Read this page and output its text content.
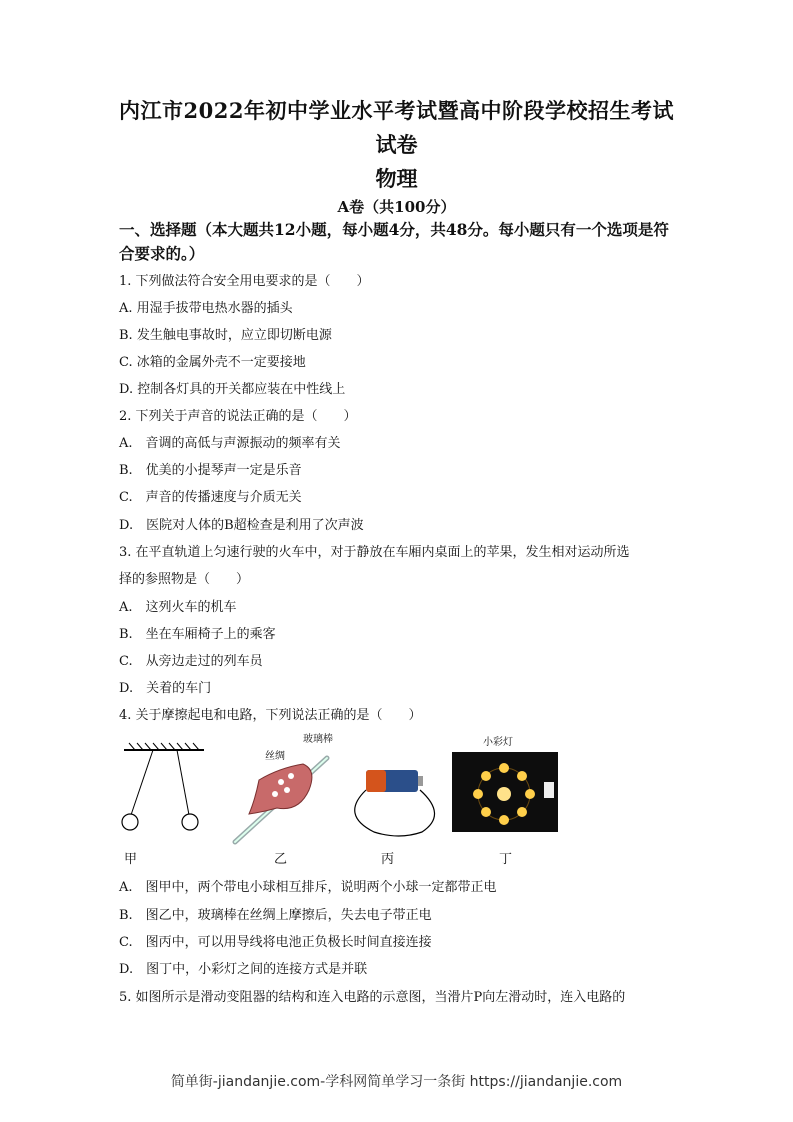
内江市2022年初中学业水平考试暨高中阶段学校招生考试
试卷
物理
A卷（共100分）
一、选择题（本大题共12小题，每小题4分，共48分。每小题只有一个选项是符合要求的。）
1. 下列做法符合安全用电要求的是（　　）
A. 用湿手拔带电热水器的插头
B. 发生触电事故时，应立即切断电源
C. 冰箱的金属外壳不一定要接地
D. 控制各灯具的开关都应装在中性线上
2. 下列关于声音的说法正确的是（　　）
A.　音调的高低与声源振动的频率有关
B.　优美的小提琴声一定是乐音
C.　声音的传播速度与介质无关
D.　医院对人体的B超检查是利用了次声波
3. 在平直轨道上匀速行驶的火车中，对于静放在车厢内桌面上的苹果，发生相对运动所选
择的参照物是（　　）
A.　这列火车的机车
B.　坐在车厢椅子上的乘客
C.　从旁边走过的列车员
D.　关着的车门
4. 关于摩擦起电和电路，下列说法正确的是（　　）
丝绸
玻璃棒	小彩灯
甲	乙	丙	丁
A.　图甲中，两个带电小球相互排斥，说明两个小球一定都带正电
B.　图乙中，玻璃棒在丝绸上摩擦后，失去电子带正电
C.　图丙中，可以用导线将电池正负极长时间直接连接
D.　图丁中，小彩灯之间的连接方式是并联
5. 如图所示是滑动变阻器的结构和连入电路的示意图，当滑片P向左滑动时，连入电路的
简单街-jiandanjie.com-学科网简单学习一条街 https://jiandanjie.com
